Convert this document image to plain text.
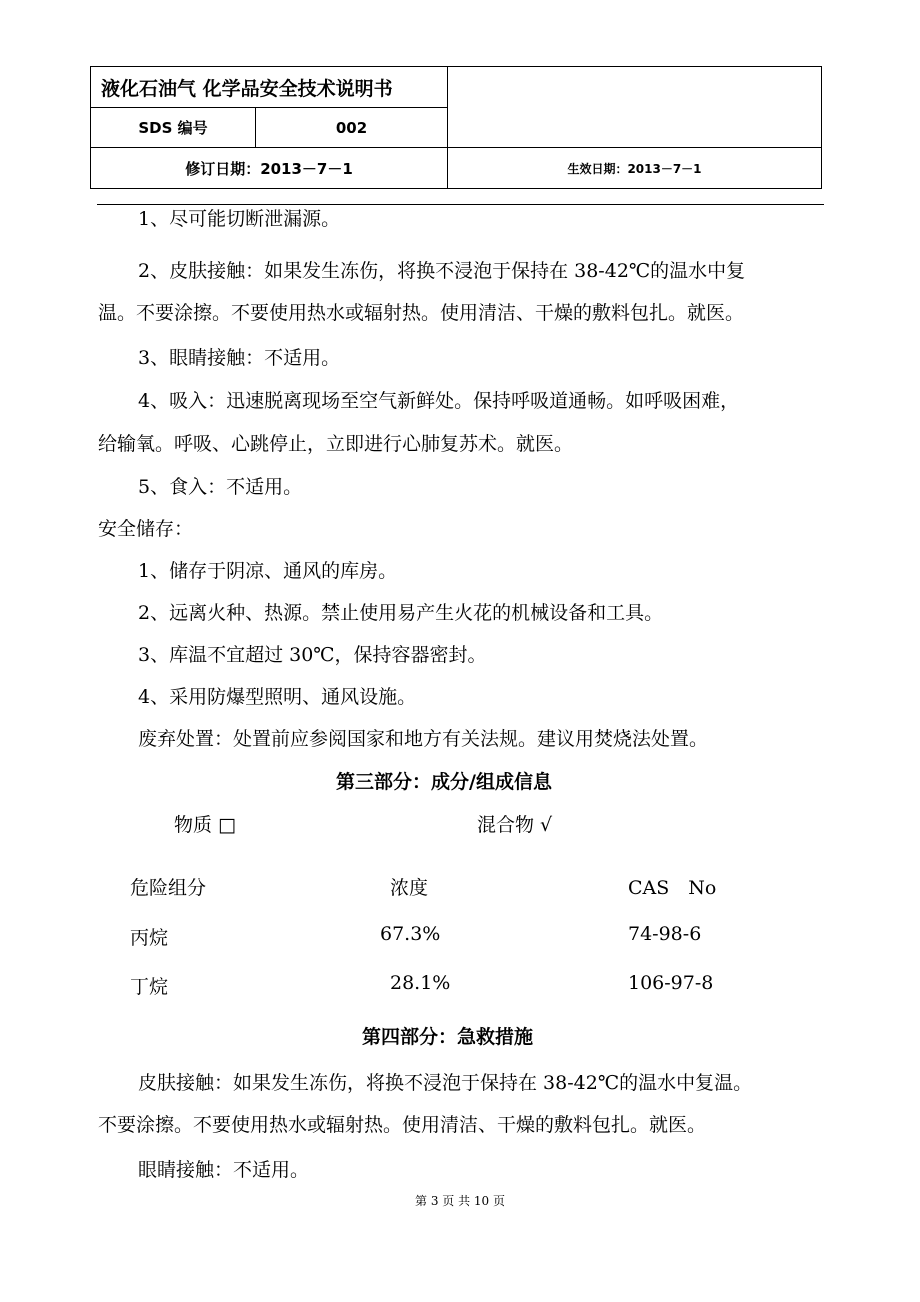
液化石油气 化学品安全技术说明书		
SDS 编号	002	
修订日期：2013－7－1		生效日期：2013－7－1
1、尽可能切断泄漏源。
2、皮肤接触：如果发生冻伤，将换不浸泡于保持在 38-42℃的温水中复
温。不要涂擦。不要使用热水或辐射热。使用清洁、干燥的敷料包扎。就医。
3、眼睛接触：不适用。
4、吸入：迅速脱离现场至空气新鲜处。保持呼吸道通畅。如呼吸困难，
给输氧。呼吸、心跳停止，立即进行心肺复苏术。就医。
5、食入：不适用。
安全储存：
1、储存于阴凉、通风的库房。
2、远离火种、热源。禁止使用易产生火花的机械设备和工具。
3、库温不宜超过 30℃，保持容器密封。
4、采用防爆型照明、通风设施。
废弃处置：处置前应参阅国家和地方有关法规。建议用焚烧法处置。
第三部分：成分/组成信息
物质 □	混合物 √
危险组分	浓度	CAS　No
丙烷	67.3%	74-98-6
丁烷	28.1%	106-97-8
第四部分：急救措施
皮肤接触：如果发生冻伤，将换不浸泡于保持在 38-42℃的温水中复温。
不要涂擦。不要使用热水或辐射热。使用清洁、干燥的敷料包扎。就医。
眼睛接触：不适用。
第 3 页 共 10 页
